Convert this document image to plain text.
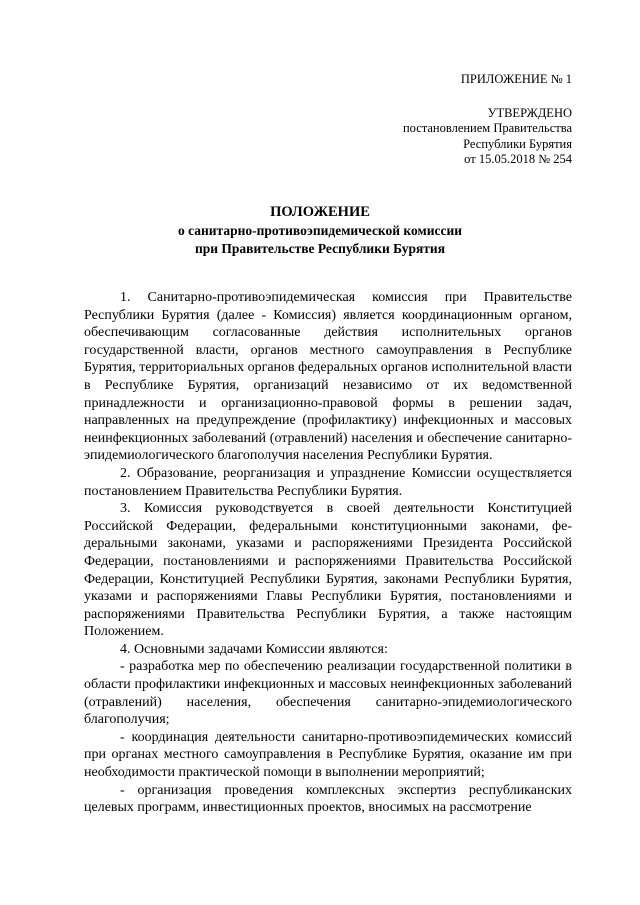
ПРИЛОЖЕНИЕ № 1
УТВЕРЖДЕНО
постановлением Правительства
Республики Бурятия
от 15.05.2018 № 254
ПОЛОЖЕНИЕ
о санитарно-противоэпидемической комиссии
при Правительстве Республики Бурятия

1. Санитарно-противоэпидемическая комиссия при Правительстве Республики Бурятия (далее - Комиссия) является координационным органом, обеспечивающим согласованные действия исполнительных органов государственной власти, органов местного самоуправления в Республике Бурятия, территориальных органов федеральных органов исполнительной власти в Республике Бурятия, организаций независимо от их ведомственной принадлежности и организационно-правовой формы в решении задач, направленных на предупреждение (профилактику) инфекционных и массовых неинфекционных заболеваний (отравлений) населения и обеспечение санитарно-эпидемиологического благополучия населения Республики Бурятия.

2. Образование, реорганизация и упразднение Комиссии осуществляется постановлением Правительства Республики Бурятия.

3. Комиссия руководствуется в своей деятельности Конституцией Российской Федерации, федеральными конституционными законами, федеральными законами, указами и распоряжениями Президента Российской Федерации, постановлениями и распоряжениями Правительства Российской Федерации, Конституцией Республики Бурятия, законами Республики Бурятия, указами и распоряжениями Главы Республики Бурятия, постановлениями и распоряжениями Правительства Республики Бурятия, а также настоящим Положением.

4. Основными задачами Комиссии являются:

- разработка мер по обеспечению реализации государственной политики в области профилактики инфекционных и массовых неинфекционных заболеваний (отравлений) населения, обеспечения санитарно-эпидемиологического благополучия;

- координация деятельности санитарно-противоэпидемических комиссий при органах местного самоуправления в Республике Бурятия, оказание им при необходимости практической помощи в выполнении мероприятий;

- организация проведения комплексных экспертиз республиканских целевых программ, инвестиционных проектов, вносимых на рассмотрение
